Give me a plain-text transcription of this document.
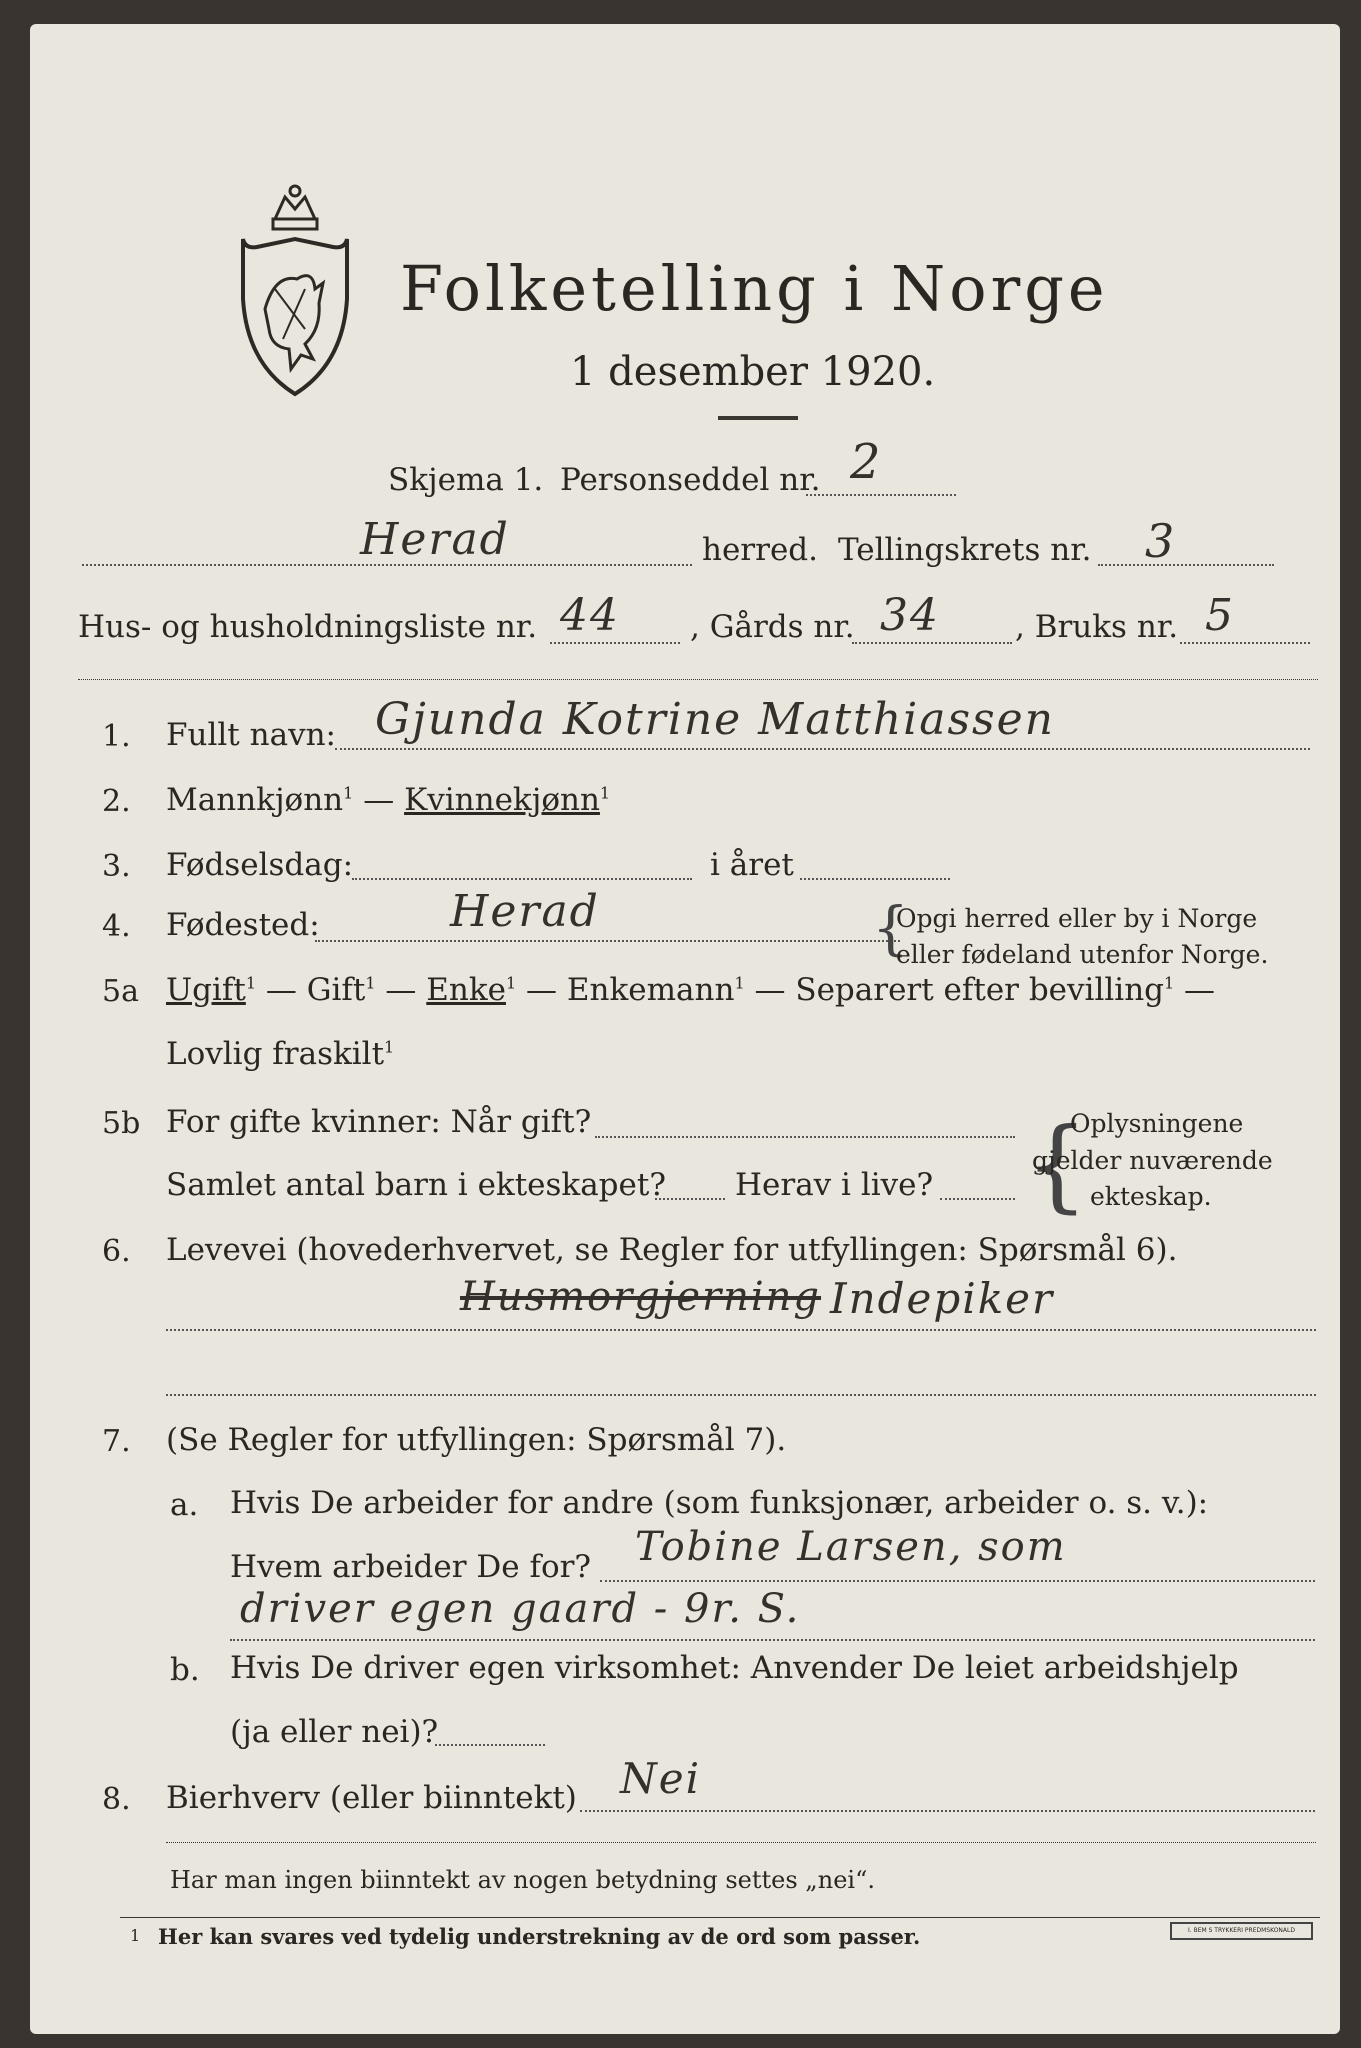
Folketelling i Norge
1 desember 1920.
Skjema 1. Personseddel nr. 2
Herad	herred. Tellingskrets nr. 3
Hus- og husholdningsliste nr. 44 , Gårds nr. 34 , Bruks nr. 5
1. Fullt navn: Gjunda Kotrine Matthiassen
2. Mannkjønn$^1$ — Kvinnekjønn$^1$
3. Fødselsdag:	i året
4. Fødested:	Herad	{
Opgi herred eller by i Norge
eller fødeland utenfor Norge.
5a Ugift$^1$ — Gift$^1$ — Enke$^1$ — Enkemann$^1$ — Separert efter bevilling$^1$ —
Lovlig fraskilt$^1$
5b For gifte kvinner: Når gift?
Samlet antal barn i ekteskapet? Herav i live? {
Oplysningene
gjelder nuværende
ekteskap.
6. Levevei (hovederhvervet, se Regler for utfyllingen: Spørsmål 6).
Husmorgjerning Indepiker
7. (Se Regler for utfyllingen: Spørsmål 7).
a. Hvis De arbeider for andre (som funksjonær, arbeider o. s. v.):
Hvem arbeider De for? Tobine Larsen, som
driver egen gaard - 9r. S.
b. Hvis De driver egen virksomhet: Anvender De leiet arbeidshjelp
(ja eller nei)?
8. Bierhverv (eller biinntekt) Nei
Har man ingen biinntekt av nogen betydning settes „nei“.
1 Her kan svares ved tydelig understrekning av de ord som passer.	I. BEM S TRYKKERI PREDMSKONALD
